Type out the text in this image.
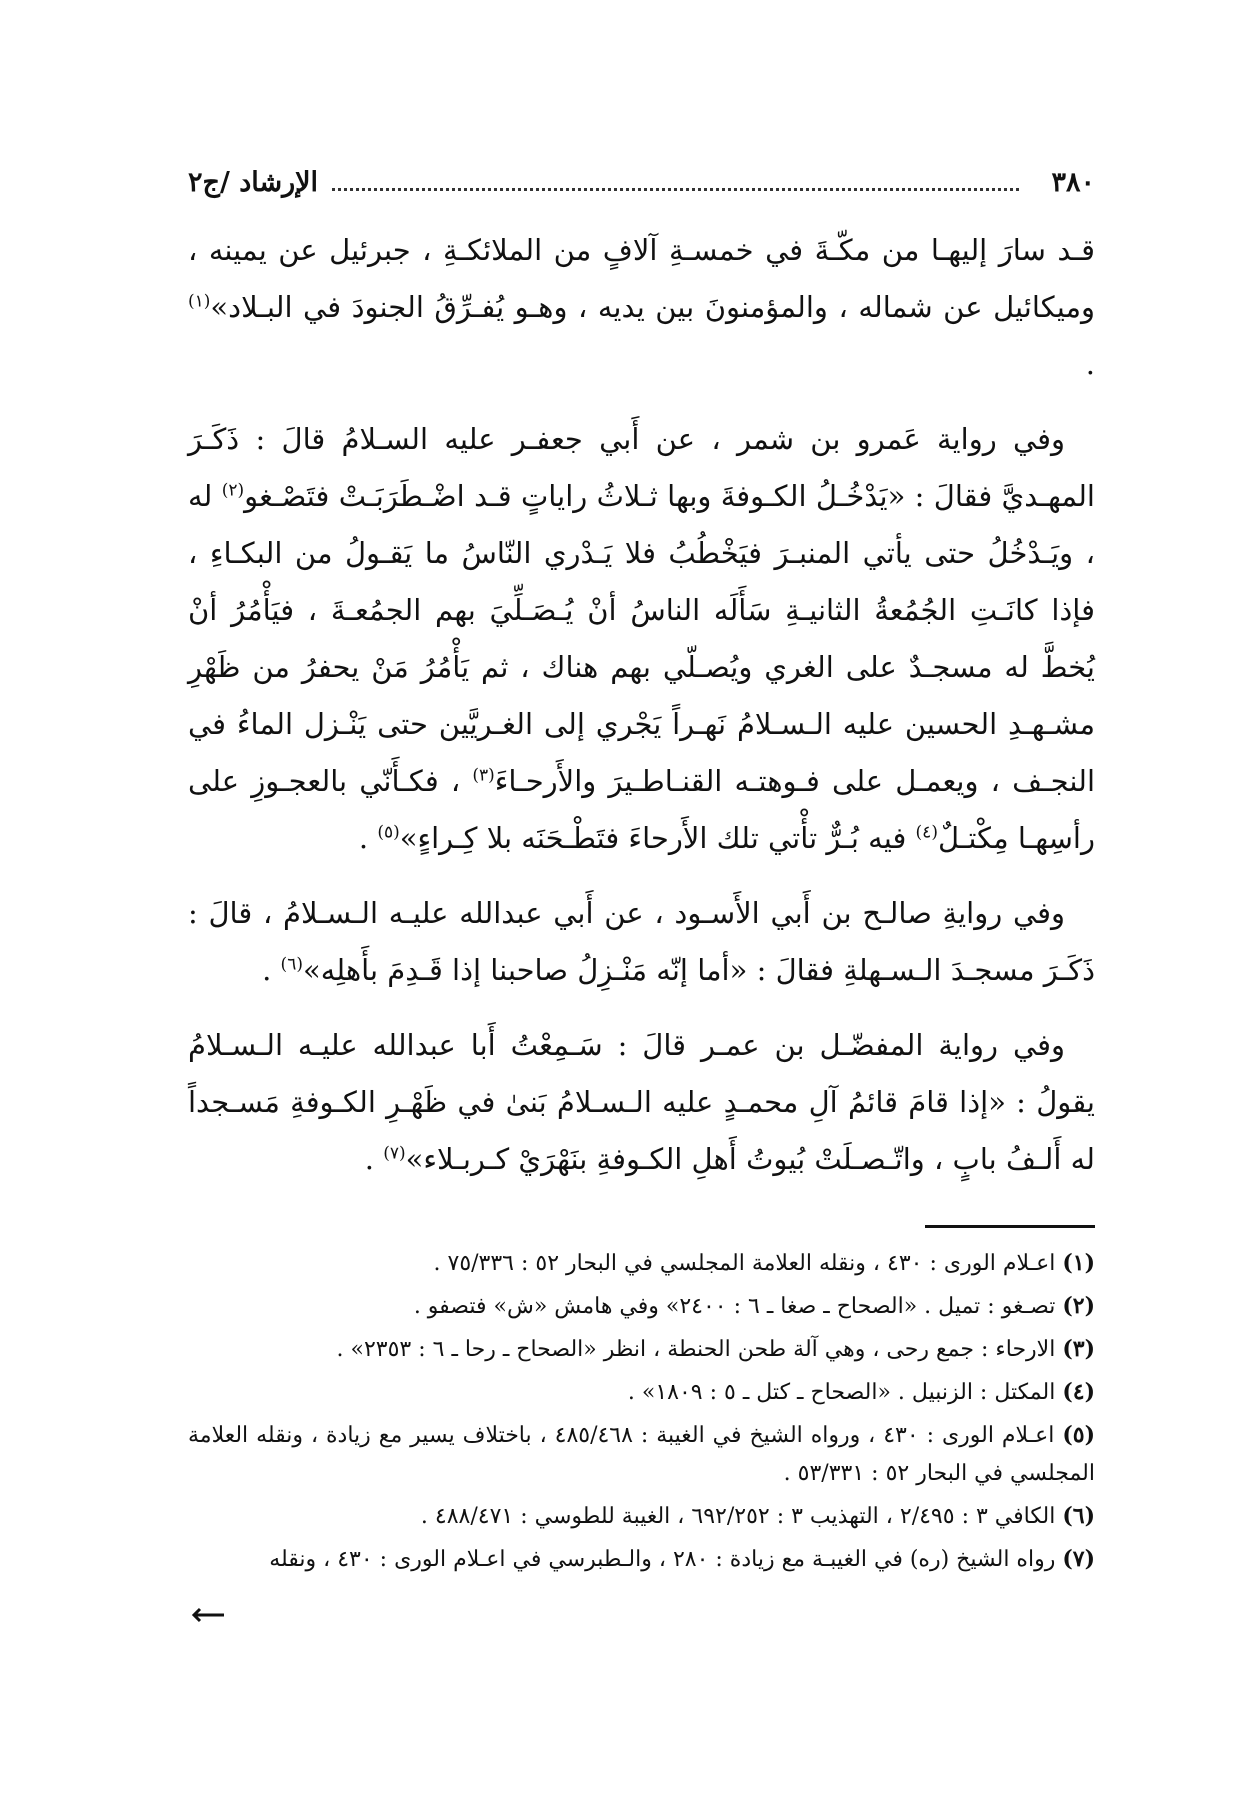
٣٨٠
الإرشاد /ج٢

قـد سارَ إليهـا من مكّـةَ في خمسـةِ آلافٍ من الملائكـةِ ، جبرئيل عن يمينه ، وميكائيل عن شماله ، والمؤمنونَ بين يديه ، وهـو يُفـرِّقُ الجنودَ في البـلاد»$^{(١)}$ .

وفي رواية عَمرو بن شمر ، عن أَبي جعفـر عليه السـلامُ قالَ : ذَكَـرَ المهـديَّ فقالَ : «يَدْخُـلُ الكـوفةَ وبها ثـلاثُ راياتٍ قـد اضْـطَرَبَـتْ فتَصْـغو$^{(٢)}$ له ، ويَـدْخُلُ حتى يأتي المنبـرَ فيَخْطُبُ فلا يَـدْري النّاسُ ما يَقـولُ من البكـاءِ ، فإذا كانَـتِ الجُمُعةُ الثانيـةِ سَأَلَه الناسُ أنْ يُـصَـلِّيَ بهم الجمُعـةَ ، فيَأْمُرُ أنْ يُخطَّ له مسجـدٌ على الغري ويُصـلّي بهم هناك ، ثم يَأْمُرُ مَنْ يحفرُ من ظَهْرِ مشـهـدِ الحسين عليه الـسـلامُ نَهـراً يَجْري إلى الغـريَّين حتى يَنْـزل الماءُ في النجـف ، ويعمـل على فـوهتـه القنـاطـيرَ والأَرحـاءَ$^{(٣)}$ ، فكـأَنّي بالعجـوزِ على رأسِهـا مِكْتـلٌ$^{(٤)}$ فيه بُـرٌّ تأْتي تلك الأَرحاءَ فتَطْـحَنَه بلا كِـراءٍ»$^{(٥)}$ .

وفي روايةِ صالـح بن أَبي الأَسـود ، عن أَبي عبدالله عليـه الـسـلامُ ، قالَ : ذَكَـرَ مسجـدَ الـسـهلةِ فقالَ : «أما إنّه مَنْـزِلُ صاحبنا إذا قَـدِمَ بأَهلِه»$^{(٦)}$ .

وفي رواية المفضّـل بن عمـر قالَ : سَـمِعْتُ أَبا عبدالله عليـه الـسـلامُ يقولُ : «إذا قامَ قائمُ آلِ محمـدٍ عليه الـسـلامُ بَنىٰ في ظَهْـرِ الكـوفةِ مَسـجداً له أَلـفُ بابٍ ، واتّـصـلَتْ بُيوتُ أَهلِ الكـوفةِ بنَهْرَيْ كـربـلاء»$^{(٧)}$ .

(١) اعـلام الورى : ٤٣٠ ، ونقله العلامة المجلسي في البحار ٥٢ : ٧٥/٣٣٦ .
(٢) تصـغو : تميل . «الصحاح ـ صغا ـ ٦ : ٢٤٠٠» وفي هامش «ش» فتصفو .
(٣) الارحاء : جمع رحى ، وهي آلة طحن الحنطة ، انظر «الصحاح ـ رحا ـ ٦ : ٢٣٥٣» .
(٤) المكتل : الزنبيل . «الصحاح ـ كتل ـ ٥ : ١٨٠٩» .
(٥) اعـلام الورى : ٤٣٠ ، ورواه الشيخ في الغيبة : ٤٨٥/٤٦٨ ، باختلاف يسير مع زيادة ، ونقله العلامة المجلسي في البحار ٥٢ : ٥٣/٣٣١ .
(٦) الكافي ٣ : ٢/٤٩٥ ، التهذيب ٣ : ٦٩٢/٢٥٢ ، الغيبة للطوسي : ٤٨٨/٤٧١ .
(٧) رواه الشيخ (ره) في الغيبـة مع زيادة : ٢٨٠ ، والـطبرسي في اعـلام الورى : ٤٣٠ ، ونقله
